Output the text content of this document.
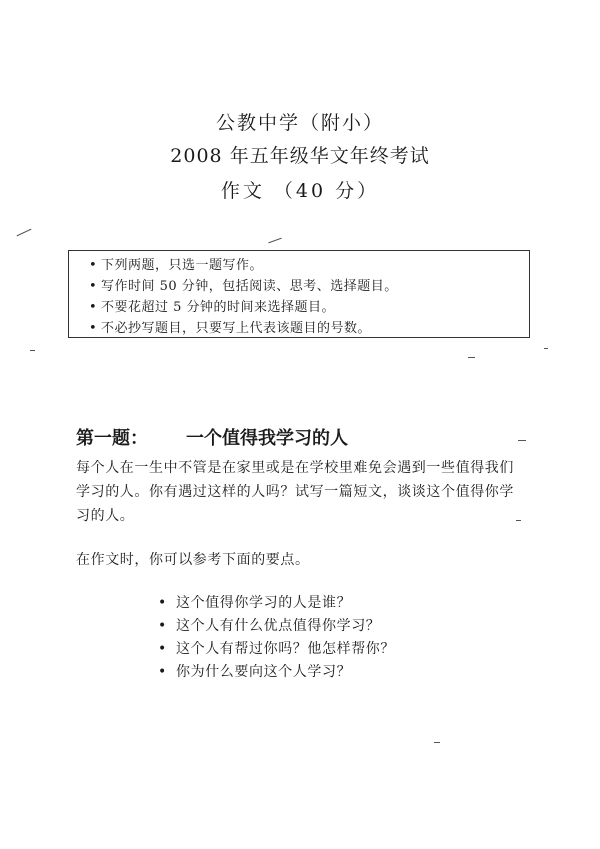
公教中学（附小）
2008 年五年级华文年终考试
作文 （40 分）
• 下列两题，只选一题写作。
• 写作时间 50 分钟，包括阅读、思考、选择题目。
• 不要花超过 5 分钟的时间来选择题目。
• 不必抄写题目，只要写上代表该题目的号数。
第一题： 一个值得我学习的人
每个人在一生中不管是在家里或是在学校里难免会遇到一些值得我们学习的人。你有遇过这样的人吗？试写一篇短文，谈谈这个值得你学习的人。
在作文时，你可以参考下面的要点。
• 这个值得你学习的人是谁？
• 这个人有什么优点值得你学习？
• 这个人有帮过你吗？他怎样帮你？
• 你为什么要向这个人学习？
